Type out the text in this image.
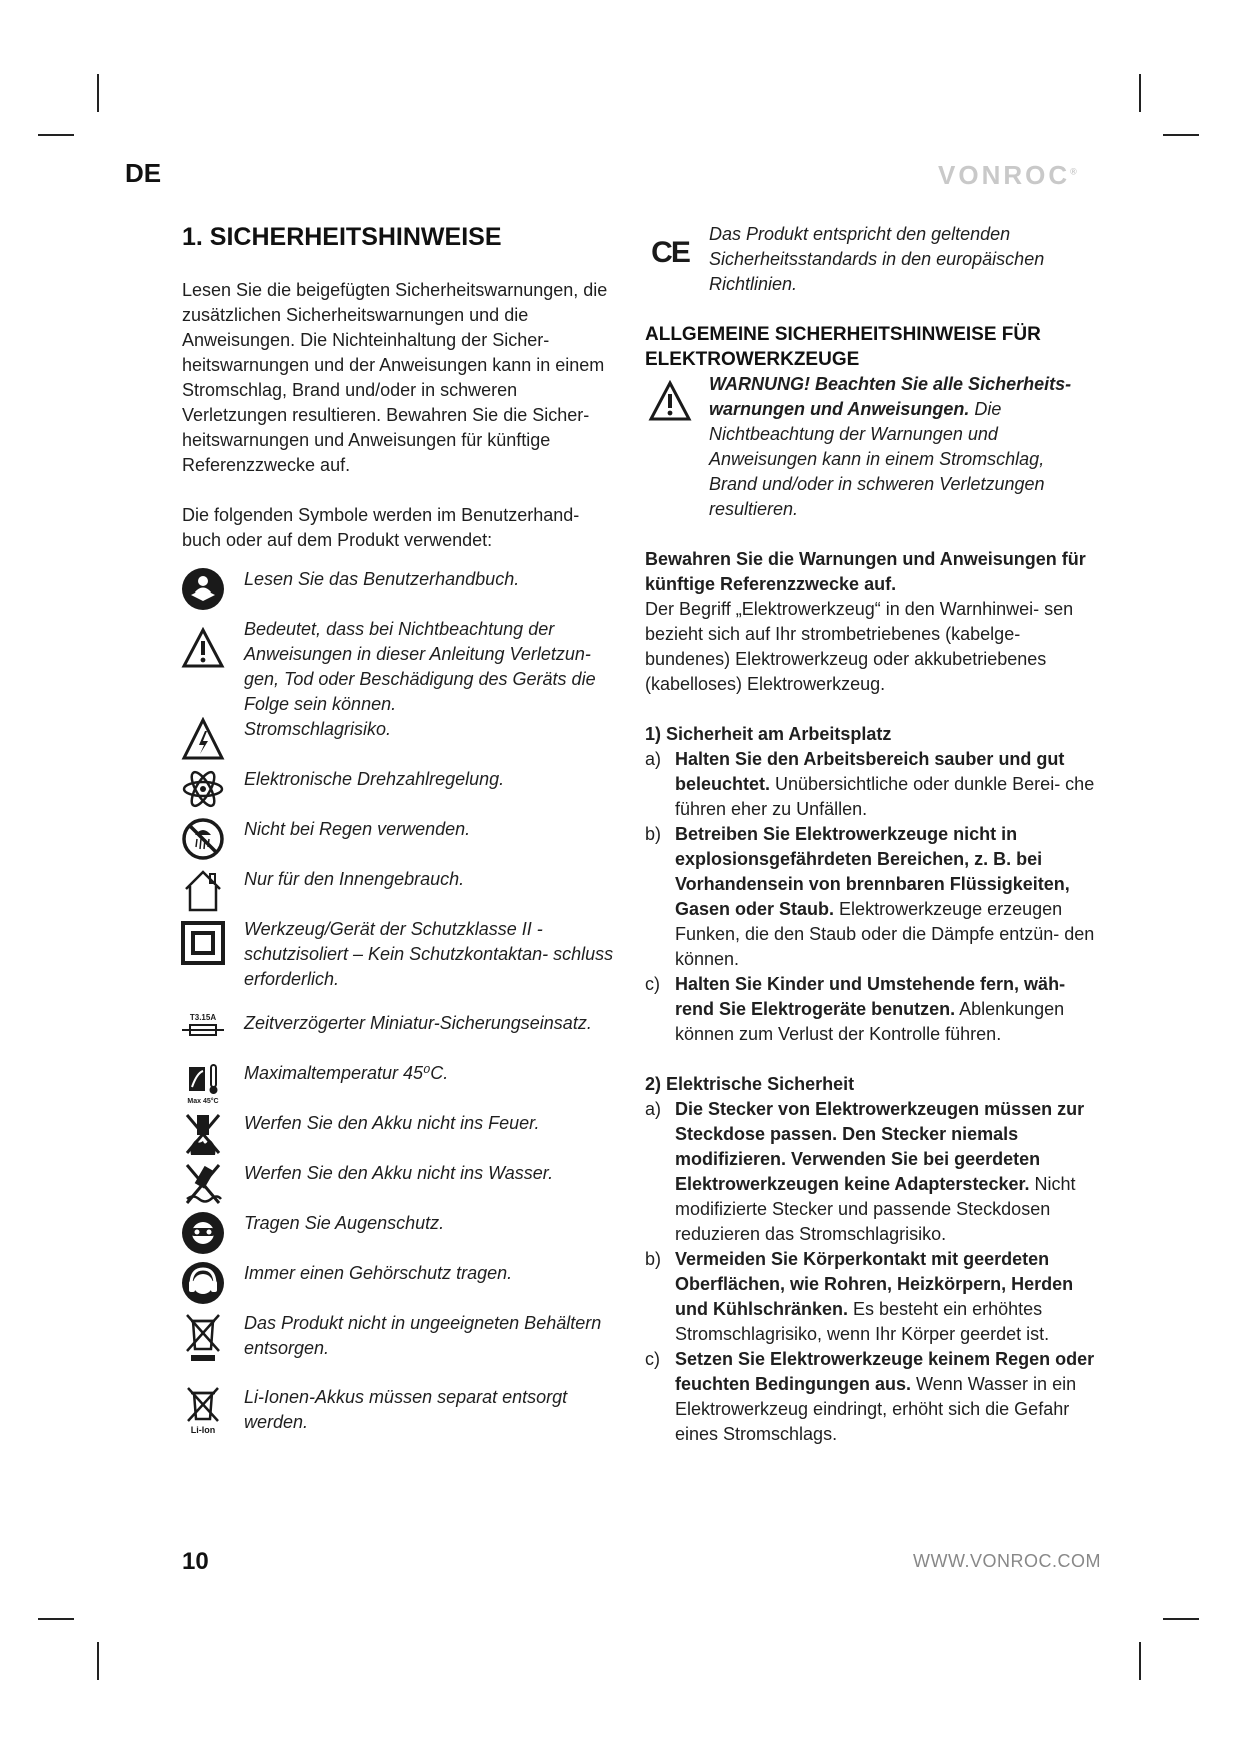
DE	VONROC®
1. SICHERHEITSHINWEISE

Lesen Sie die beigefügten Sicherheitswarnungen, die zusätzlichen Sicherheitswarnungen und die Anweisungen. Die Nichteinhaltung der Sicher- heitswarnungen und der Anweisungen kann in einem Stromschlag, Brand und/oder in schweren Verletzungen resultieren. Bewahren Sie die Sicher- heitswarnungen und Anweisungen für künftige Referenzzwecke auf.

Die folgenden Symbole werden im Benutzerhand- buch oder auf dem Produkt verwendet:

Lesen Sie das Benutzerhandbuch.
Bedeutet, dass bei Nichtbeachtung der Anweisungen in dieser Anleitung Verletzun- gen, Tod oder Beschädigung des Geräts die Folge sein können.
Stromschlagrisiko.
Elektronische Drehzahlregelung.
Nicht bei Regen verwenden.
Nur für den Innengebrauch.
Werkzeug/Gerät der Schutzklasse II - schutzisoliert – Kein Schutzkontaktan- schluss erforderlich.
T3.15A Zeitverzögerter Miniatur-Sicherungseinsatz.
Max 45°C
Maximaltemperatur 45⁰C.
Werfen Sie den Akku nicht ins Feuer.
Werfen Sie den Akku nicht ins Wasser.
Tragen Sie Augenschutz.
Immer einen Gehörschutz tragen.
Das Produkt nicht in ungeeigneten Behältern entsorgen.
Li-Ion
Li-Ionen-Akkus müssen separat entsorgt werden.
CE
Das Produkt entspricht den geltenden Sicherheitsstandards in den europäischen Richtlinien.
ALLGEMEINE SICHERHEITSHINWEISE FÜR ELEKTROWERKZEUGE
WARNUNG! Beachten Sie alle Sicherheits- warnungen und Anweisungen. Die Nichtbeachtung der Warnungen und Anweisungen kann in einem Stromschlag, Brand und/oder in schweren Verletzungen resultieren.

Bewahren Sie die Warnungen und Anweisungen für künftige Referenzzwecke auf.

Der Begriff „Elektrowerkzeug“ in den Warnhinwei- sen bezieht sich auf Ihr strombetriebenes (kabelge- bundenes) Elektrowerkzeug oder akkubetriebenes (kabelloses) Elektrowerkzeug.

1) Sicherheit am Arbeitsplatz

a) Halten Sie den Arbeitsbereich sauber und gut beleuchtet. Unübersichtliche oder dunkle Berei- che führen eher zu Unfällen.
b) Betreiben Sie Elektrowerkzeuge nicht in explosionsgefährdeten Bereichen, z. B. bei Vorhandensein von brennbaren Flüssigkeiten, Gasen oder Staub. Elektrowerkzeuge erzeugen Funken, die den Staub oder die Dämpfe entzün- den können.
c) Halten Sie Kinder und Umstehende fern, wäh- rend Sie Elektrogeräte benutzen. Ablenkungen können zum Verlust der Kontrolle führen.

2) Elektrische Sicherheit

a) Die Stecker von Elektrowerkzeugen müssen zur Steckdose passen. Den Stecker niemals modifizieren. Verwenden Sie bei geerdeten Elektrowerkzeugen keine Adapterstecker. Nicht modifizierte Stecker und passende Steckdosen reduzieren das Stromschlagrisiko.
b) Vermeiden Sie Körperkontakt mit geerdeten Oberflächen, wie Rohren, Heizkörpern, Herden und Kühlschränken. Es besteht ein erhöhtes Stromschlagrisiko, wenn Ihr Körper geerdet ist.
c) Setzen Sie Elektrowerkzeuge keinem Regen oder feuchten Bedingungen aus. Wenn Wasser in ein Elektrowerkzeug eindringt, erhöht sich die Gefahr eines Stromschlags.
10	WWW.VONROC.COM
